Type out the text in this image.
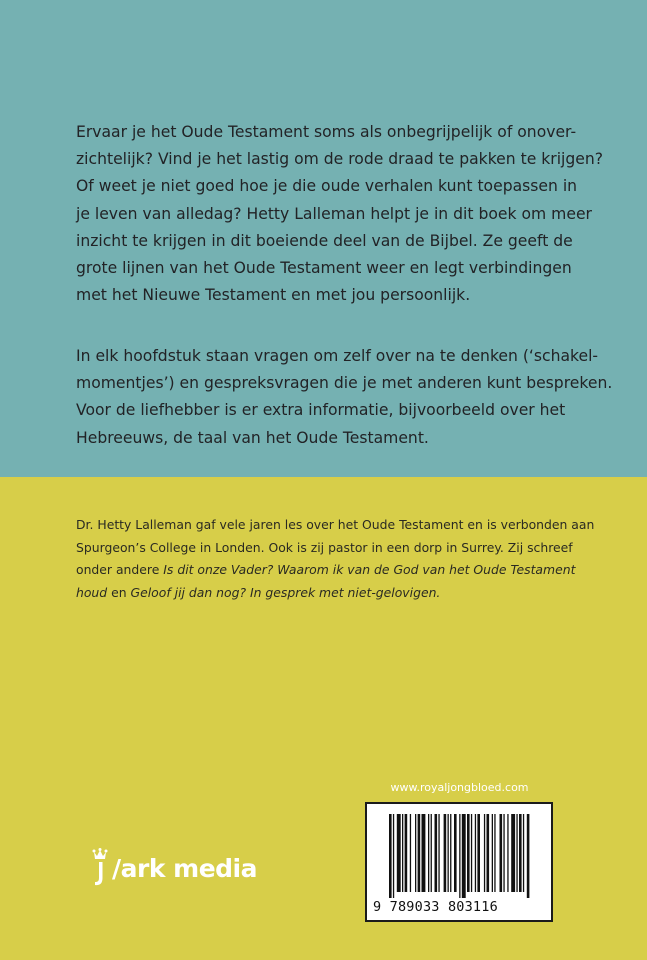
Ervaar je het Oude Testament soms als onbegrijpelijk of onover-
zichtelijk? Vind je het lastig om de rode draad te pakken te krijgen?
Of weet je niet goed hoe je die oude verhalen kunt toepassen in
je leven van alledag? Hetty Lalleman helpt je in dit boek om meer
inzicht te krijgen in dit boeiende deel van de Bijbel. Ze geeft de
grote lijnen van het Oude Testament weer en legt verbindingen
met het Nieuwe Testament en met jou persoonlijk.
In elk hoofdstuk staan vragen om zelf over na te denken (‘schakel-
momentjes’) en gespreksvragen die je met anderen kunt bespreken.
Voor de liefhebber is er extra informatie, bijvoorbeeld over het
Hebreeuws, de taal van het Oude Testament.
Dr. Hetty Lalleman gaf vele jaren les over het Oude Testament en is verbonden aan
Spurgeon’s College in Londen. Ook is zij pastor in een dorp in Surrey. Zij schreef
onder andere Is dit onze Vader? Waarom ik van de God van het Oude Testament
houd en Geloof jij dan nog? In gesprek met niet-gelovigen.
www.royaljongbloed.com
9 789033 803116
/ark media
